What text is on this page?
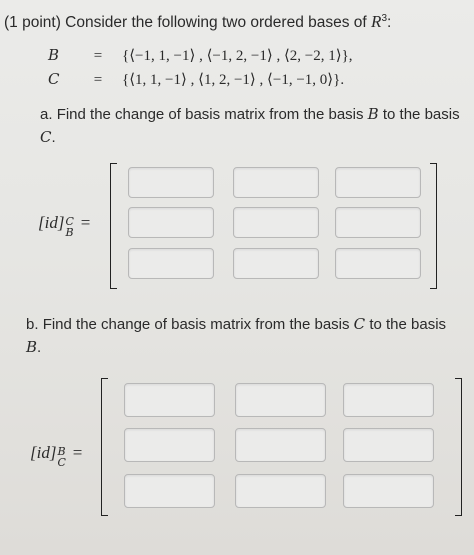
(1 point) Consider the following two ordered bases of $R^3$:
B = {⟨−1, 1, −1⟩ , ⟨−1, 2, −1⟩ , ⟨2, −2, 1⟩},
C = {⟨1, 1, −1⟩ , ⟨1, 2, −1⟩ , ⟨−1, −1, 0⟩}.
a. Find the change of basis matrix from the basis B to the basis C.
[id] C
B
=
b. Find the change of basis matrix from the basis C to the basis B.
[id] B
C
=
